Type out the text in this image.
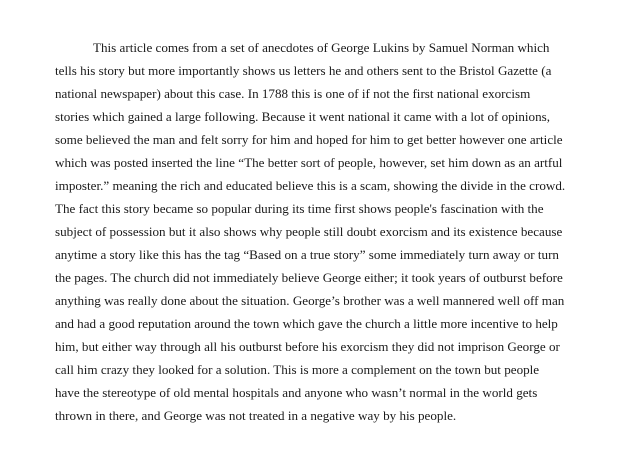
This article comes from a set of anecdotes of George Lukins by Samuel Norman which
tells his story but more importantly shows us letters he and others sent to the Bristol Gazette (a
national newspaper) about this case. In 1788 this is one of if not the first national exorcism
stories which gained a large following. Because it went national it came with a lot of opinions,
some believed the man and felt sorry for him and hoped for him to get better however one article
which was posted inserted the line “The better sort of people, however, set him down as an artful
imposter.” meaning the rich and educated believe this is a scam, showing the divide in the crowd.
The fact this story became so popular during its time first shows people's fascination with the
subject of possession but it also shows why people still doubt exorcism and its existence because
anytime a story like this has the tag “Based on a true story” some immediately turn away or turn
the pages. The church did not immediately believe George either; it took years of outburst before
anything was really done about the situation. George’s brother was a well mannered well off man
and had a good reputation around the town which gave the church a little more incentive to help
him, but either way through all his outburst before his exorcism they did not imprison George or
call him crazy they looked for a solution. This is more a complement on the town but people
have the stereotype of old mental hospitals and anyone who wasn’t normal in the world gets
thrown in there, and George was not treated in a negative way by his people.
